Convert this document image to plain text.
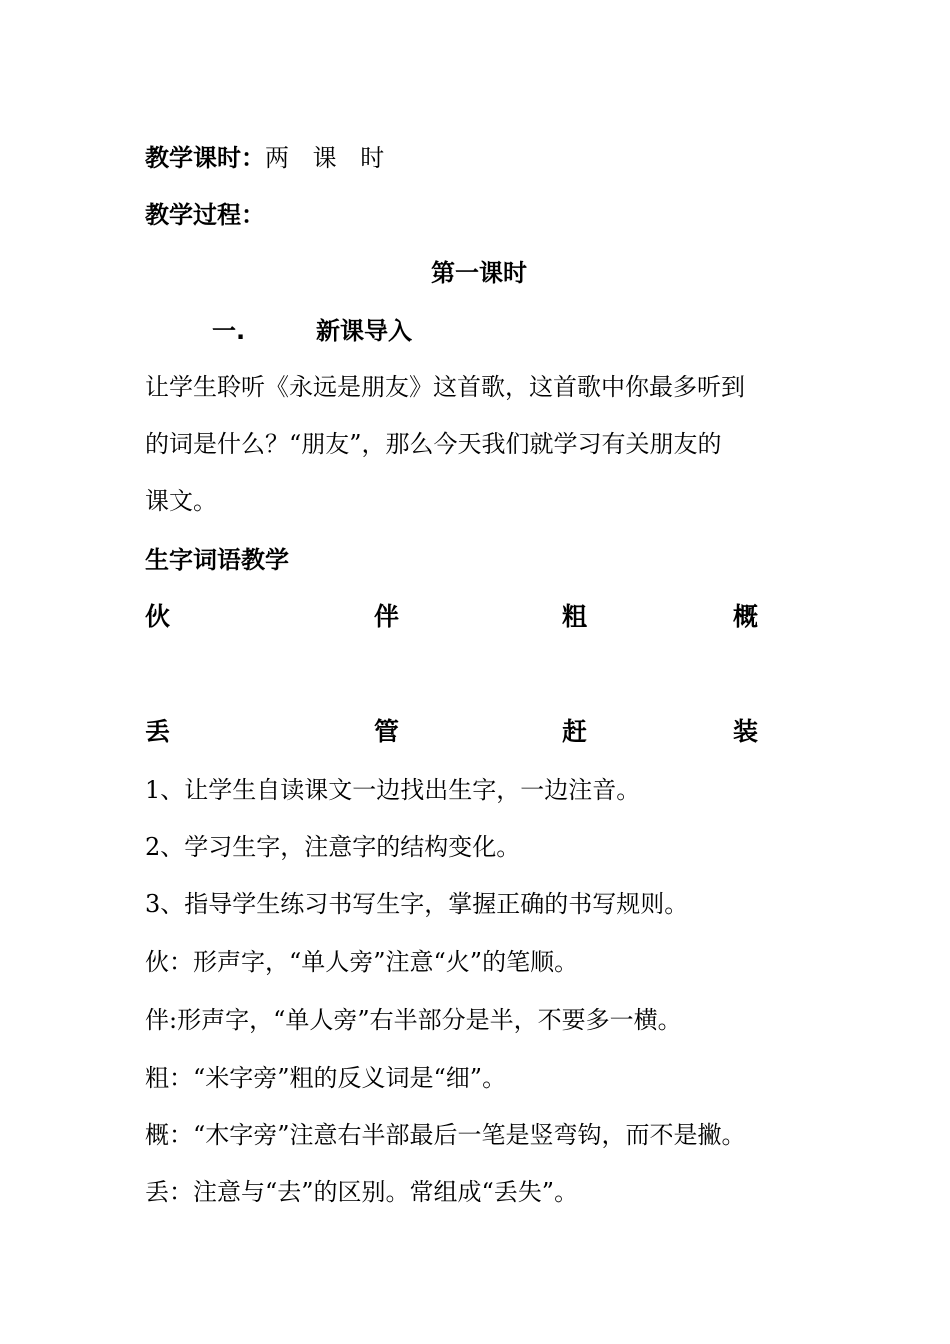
教学课时：两 课 时
教学过程：
第一课时
一.	新课导入
让学生聆听《永远是朋友》这首歌，这首歌中你最多听到
的词是什么？“朋友”，那么今天我们就学习有关朋友的
课文。
生字词语教学
伙	伴	粗	概
丢	管	赶	装
1、让学生自读课文一边找出生字，一边注音。
2、学习生字，注意字的结构变化。
3、指导学生练习书写生字，掌握正确的书写规则。
伙：形声字，“单人旁”注意“火”的笔顺。
伴:形声字，“单人旁”右半部分是半，不要多一横。
粗：“米字旁”粗的反义词是“细”。
概：“木字旁”注意右半部最后一笔是竖弯钩，而不是撇。
丢：注意与“去”的区别。常组成“丢失”。
